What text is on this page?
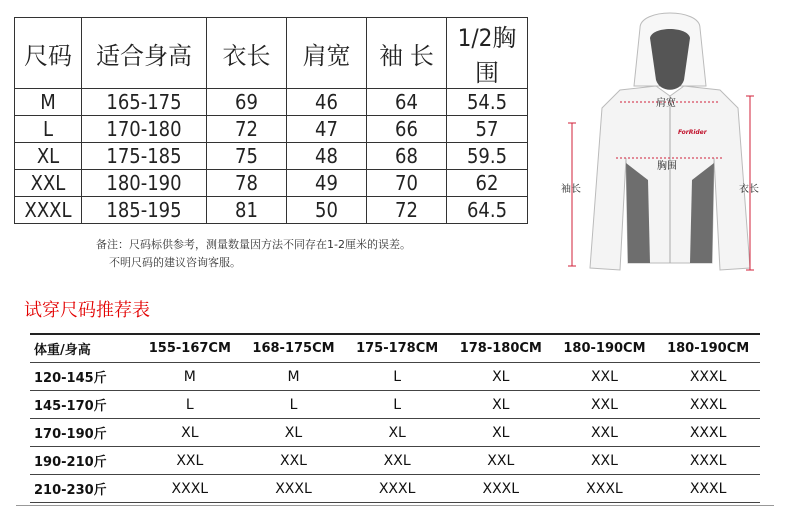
尺码	适合身高	衣长	肩宽	袖 长	1/2胸围
M	165-175	69	46	64	54.5
L	170-180	72	47	66	57
XL	175-185	75	48	68	59.5
XXL	180-190	78	49	70	62
XXXL	185-195	81	50	72	64.5
备注：尺码标供参考，测量数量因方法不同存在1-2厘米的误差。
不明尺码的建议咨询客服。
ForRider
肩宽
胸围
袖长	衣长
试穿尺码推荐表
体重/身高	155-167CM	168-175CM	175-178CM	178-180CM	180-190CM	180-190CM
120-145斤	M	M	L	XL	XXL	XXXL
145-170斤	L	L	L	XL	XXL	XXXL
170-190斤	XL	XL	XL	XL	XXL	XXXL
190-210斤	XXL	XXL	XXL	XXL	XXL	XXXL
210-230斤	XXXL	XXXL	XXXL	XXXL	XXXL	XXXL
